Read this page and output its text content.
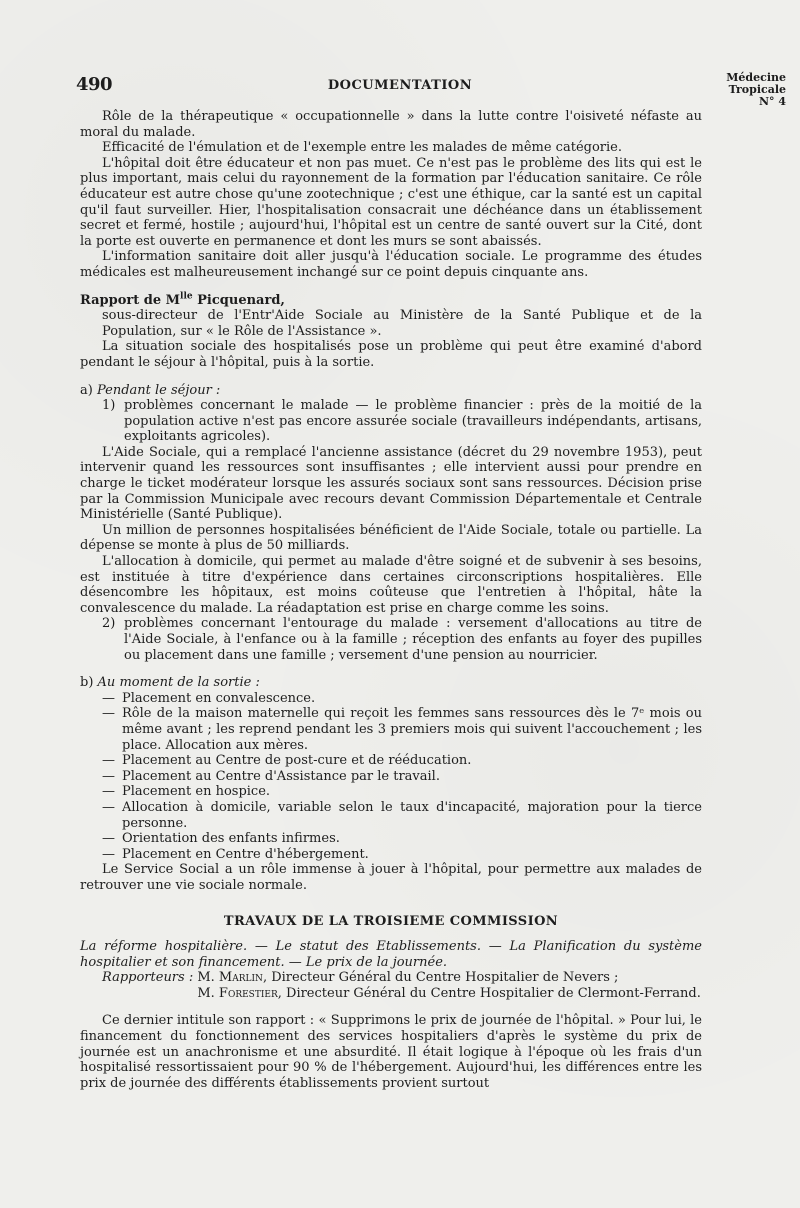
490	DOCUMENTATION
Médecine
Tropicale
N° 4

Rôle de la thérapeutique « occupationnelle » dans la lutte contre l'oisiveté néfaste au moral du malade.

Efficacité de l'émulation et de l'exemple entre les malades de même catégorie.

L'hôpital doit être éducateur et non pas muet. Ce n'est pas le problème des lits qui est le plus important, mais celui du rayonnement de la formation par l'éducation sanitaire. Ce rôle éducateur est autre chose qu'une zootechnique ; c'est une éthique, car la santé est un capital qu'il faut surveiller. Hier, l'hospitalisation consacrait une déchéance dans un établissement secret et fermé, hostile ; aujourd'hui, l'hôpital est un centre de santé ouvert sur la Cité, dont la porte est ouverte en permanence et dont les murs se sont abaissés.

L'information sanitaire doit aller jusqu'à l'éducation sociale. Le programme des études médicales est malheureusement inchangé sur ce point depuis cinquante ans.

Rapport de $M^{lle}$ Picquenard,

sous-directeur de l'Entr'Aide Sociale au Ministère de la Santé Publique et de la Population, sur « le Rôle de l'Assistance ».

La situation sociale des hospitalisés pose un problème qui peut être examiné d'abord pendant le séjour à l'hôpital, puis à la sortie.

a) Pendant le séjour :

1) problèmes concernant le malade — le problème financier : près de la moitié de la population active n'est pas encore assurée sociale (travailleurs indépendants, artisans, exploitants agricoles).

L'Aide Sociale, qui a remplacé l'ancienne assistance (décret du 29 novembre 1953), peut intervenir quand les ressources sont insuffisantes ; elle intervient aussi pour prendre en charge le ticket modérateur lorsque les assurés sociaux sont sans ressources. Décision prise par la Commission Municipale avec recours devant Commission Départementale et Centrale Ministérielle (Santé Publique).

Un million de personnes hospitalisées bénéficient de l'Aide Sociale, totale ou partielle. La dépense se monte à plus de 50 milliards.

L'allocation à domicile, qui permet au malade d'être soigné et de subvenir à ses besoins, est instituée à titre d'expérience dans certaines circonscriptions hospitalières. Elle désencombre les hôpitaux, est moins coûteuse que l'entretien à l'hôpital, hâte la convalescence du malade. La réadaptation est prise en charge comme les soins.

2) problèmes concernant l'entourage du malade : versement d'allocations au titre de l'Aide Sociale, à l'enfance ou à la famille ; réception des enfants au foyer des pupilles ou placement dans une famille ; versement d'une pension au nourricier.

b) Au moment de la sortie :

— Placement en convalescence.
— Rôle de la maison maternelle qui reçoit les femmes sans ressources dès le 7ᵉ mois ou même avant ; les reprend pendant les 3 premiers mois qui suivent l'accouchement ; les place. Allocation aux mères.
— Placement au Centre de post-cure et de rééducation.
— Placement au Centre d'Assistance par le travail.
— Placement en hospice.
— Allocation à domicile, variable selon le taux d'incapacité, majoration pour la tierce personne.
— Orientation des enfants infirmes.
— Placement en Centre d'hébergement.

Le Service Social a un rôle immense à jouer à l'hôpital, pour permettre aux malades de retrouver une vie sociale normale.

TRAVAUX DE LA TROISIEME COMMISSION

La réforme hospitalière. — Le statut des Etablissements. — La Planification du système hospitalier et son financement. — Le prix de la journée.

Rapporteurs : M. Marlin, Directeur Général du Centre Hospitalier de Nevers ;

M. Forestier, Directeur Général du Centre Hospitalier de Clermont-Ferrand.

Ce dernier intitule son rapport : « Supprimons le prix de journée de l'hôpital. » Pour lui, le financement du fonctionnement des services hospitaliers d'après le système du prix de journée est un anachronisme et une absurdité. Il était logique à l'époque où les frais d'un hospitalisé ressortissaient pour 90 % de l'hébergement. Aujourd'hui, les différences entre les prix de journée des différents établissements provient surtout
